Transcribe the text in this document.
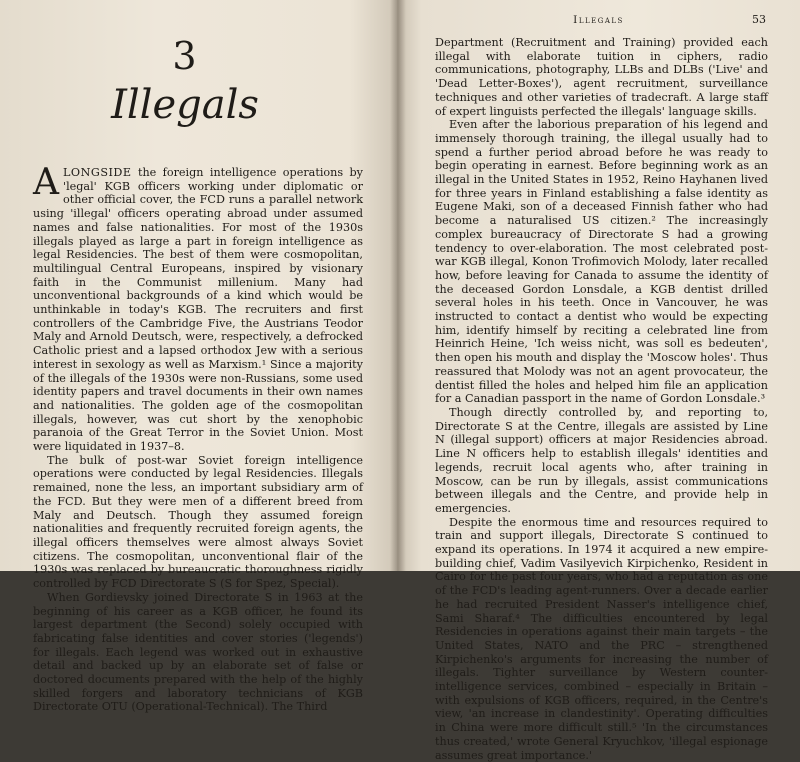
3
Illegals

ALONGSIDE the foreign intelligence operations by 'legal' KGB officers working under diplomatic or other official cover, the FCD runs a parallel network using 'illegal' officers operating abroad under assumed names and false nationalities. For most of the 1930s illegals played as large a part in foreign intelligence as legal Residencies. The best of them were cosmopolitan, multilingual Central Europeans, inspired by visionary faith in the Communist millenium. Many had unconventional backgrounds of a kind which would be unthinkable in today's KGB. The recruiters and first controllers of the Cambridge Five, the Austrians Teodor Maly and Arnold Deutsch, were, respectively, a defrocked Catholic priest and a lapsed orthodox Jew with a serious interest in sexology as well as Marxism.¹ Since a majority of the illegals of the 1930s were non-Russians, some used identity papers and travel documents in their own names and nationalities. The golden age of the cosmopolitan illegals, however, was cut short by the xenophobic paranoia of the Great Terror in the Soviet Union. Most were liquidated in 1937–8.

The bulk of post-war Soviet foreign intelligence operations were conducted by legal Residencies. Illegals remained, none the less, an important subsidiary arm of the FCD. But they were men of a different breed from Maly and Deutsch. Though they assumed foreign nationalities and frequently recruited foreign agents, the illegal officers themselves were almost always Soviet citizens. The cosmopolitan, unconventional flair of the 1930s was replaced by bureaucratic thoroughness rigidly controlled by FCD Directorate S (S for Spez, Special).

When Gordievsky joined Directorate S in 1963 at the beginning of his career as a KGB officer, he found its largest department (the Second) solely occupied with fabricating false identities and cover stories ('legends') for illegals. Each legend was worked out in exhaustive detail and backed up by an elaborate set of false or doctored documents prepared with the help of the highly skilled forgers and laboratory technicians of KGB Directorate OTU (Operational-Technical). The Third

Illegals	53

Department (Recruitment and Training) provided each illegal with elaborate tuition in ciphers, radio communications, photography, LLBs and DLBs ('Live' and 'Dead Letter-Boxes'), agent recruitment, surveillance techniques and other varieties of tradecraft. A large staff of expert linguists perfected the illegals' language skills.

Even after the laborious preparation of his legend and immensely thorough training, the illegal usually had to spend a further period abroad before he was ready to begin operating in earnest. Before beginning work as an illegal in the United States in 1952, Reino Hayhanen lived for three years in Finland establishing a false identity as Eugene Maki, son of a deceased Finnish father who had become a naturalised US citizen.² The increasingly complex bureaucracy of Directorate S had a growing tendency to over-elaboration. The most celebrated post-war KGB illegal, Konon Trofimovich Molody, later recalled how, before leaving for Canada to assume the identity of the deceased Gordon Lonsdale, a KGB dentist drilled several holes in his teeth. Once in Vancouver, he was instructed to contact a dentist who would be expecting him, identify himself by reciting a celebrated line from Heinrich Heine, 'Ich weiss nicht, was soll es bedeuten', then open his mouth and display the 'Moscow holes'. Thus reassured that Molody was not an agent provocateur, the dentist filled the holes and helped him file an application for a Canadian passport in the name of Gordon Lonsdale.³

Though directly controlled by, and reporting to, Directorate S at the Centre, illegals are assisted by Line N (illegal support) officers at major Residencies abroad. Line N officers help to establish illegals' identities and legends, recruit local agents who, after training in Moscow, can be run by illegals, assist communications between illegals and the Centre, and provide help in emergencies.

Despite the enormous time and resources required to train and support illegals, Directorate S continued to expand its operations. In 1974 it acquired a new empire-building chief, Vadim Vasilyevich Kirpichenko, Resident in Cairo for the past four years, who had a reputation as one of the FCD's leading agent-runners. Over a decade earlier he had recruited President Nasser's intelligence chief, Sami Sharaf.⁴ The difficulties encountered by legal Residencies in operations against their main targets – the United States, NATO and the PRC – strengthened Kirpichenko's arguments for increasing the number of illegals. Tighter surveillance by Western counter-intelligence services, combined – especially in Britain – with expulsions of KGB officers, required, in the Centre's view, 'an increase in clandestinity'. Operating difficulties in China were more difficult still.⁵ 'In the circumstances thus created,' wrote General Kryuchkov, 'illegal espionage assumes great importance.'
